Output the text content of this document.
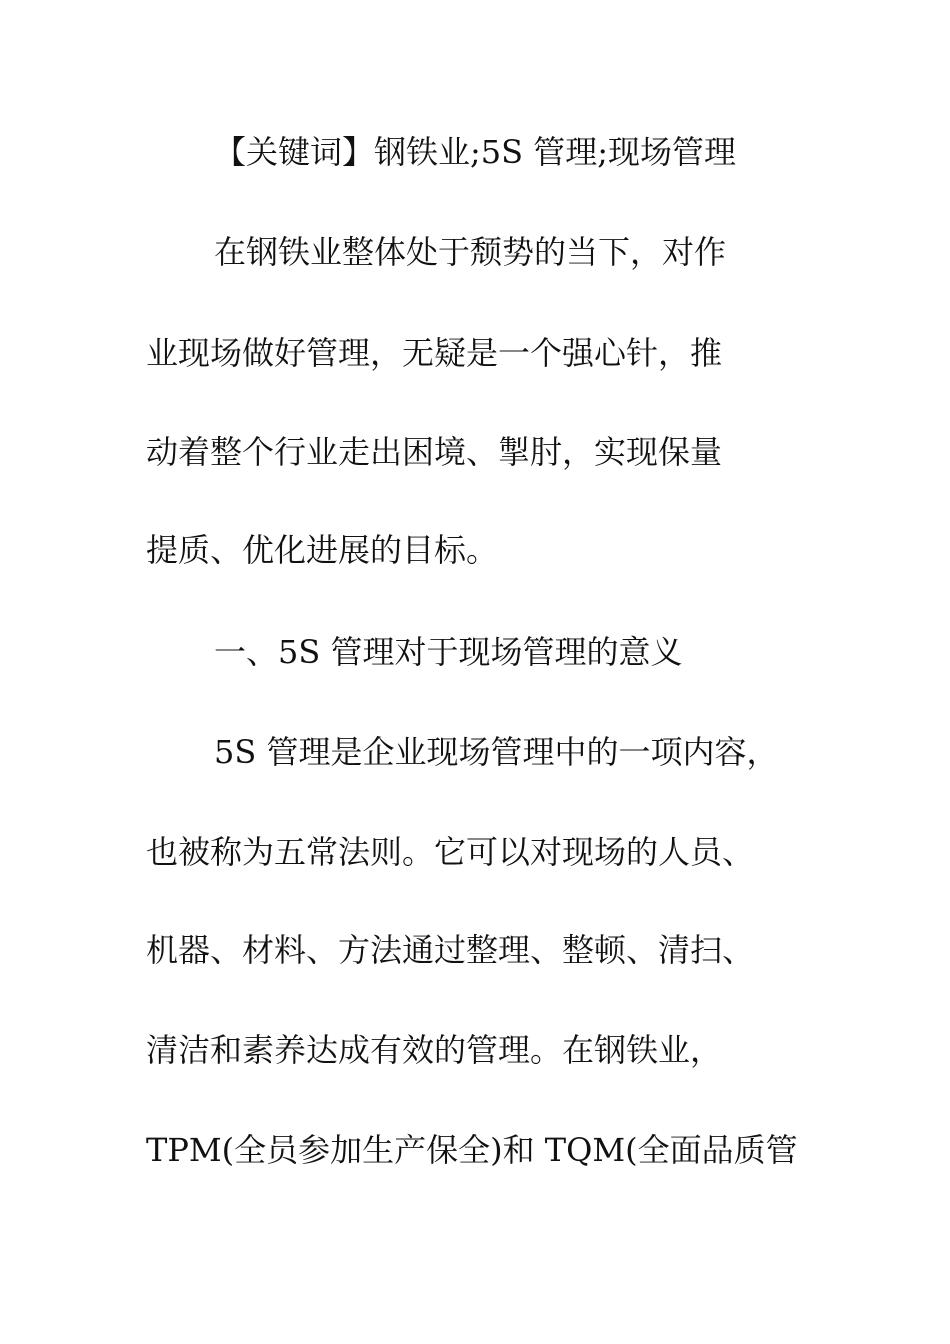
【关键词】钢铁业;5S 管理;现场管理

在钢铁业整体处于颓势的当下，对作

业现场做好管理，无疑是一个强心针，推

动着整个行业走出困境、掣肘，实现保量

提质、优化进展的目标。

一、5S 管理对于现场管理的意义

5S 管理是企业现场管理中的一项内容，

也被称为五常法则。它可以对现场的人员、

机器、材料、方法通过整理、整顿、清扫、

清洁和素养达成有效的管理。在钢铁业，

TPM(全员参加生产保全)和 TQM(全面品质管
